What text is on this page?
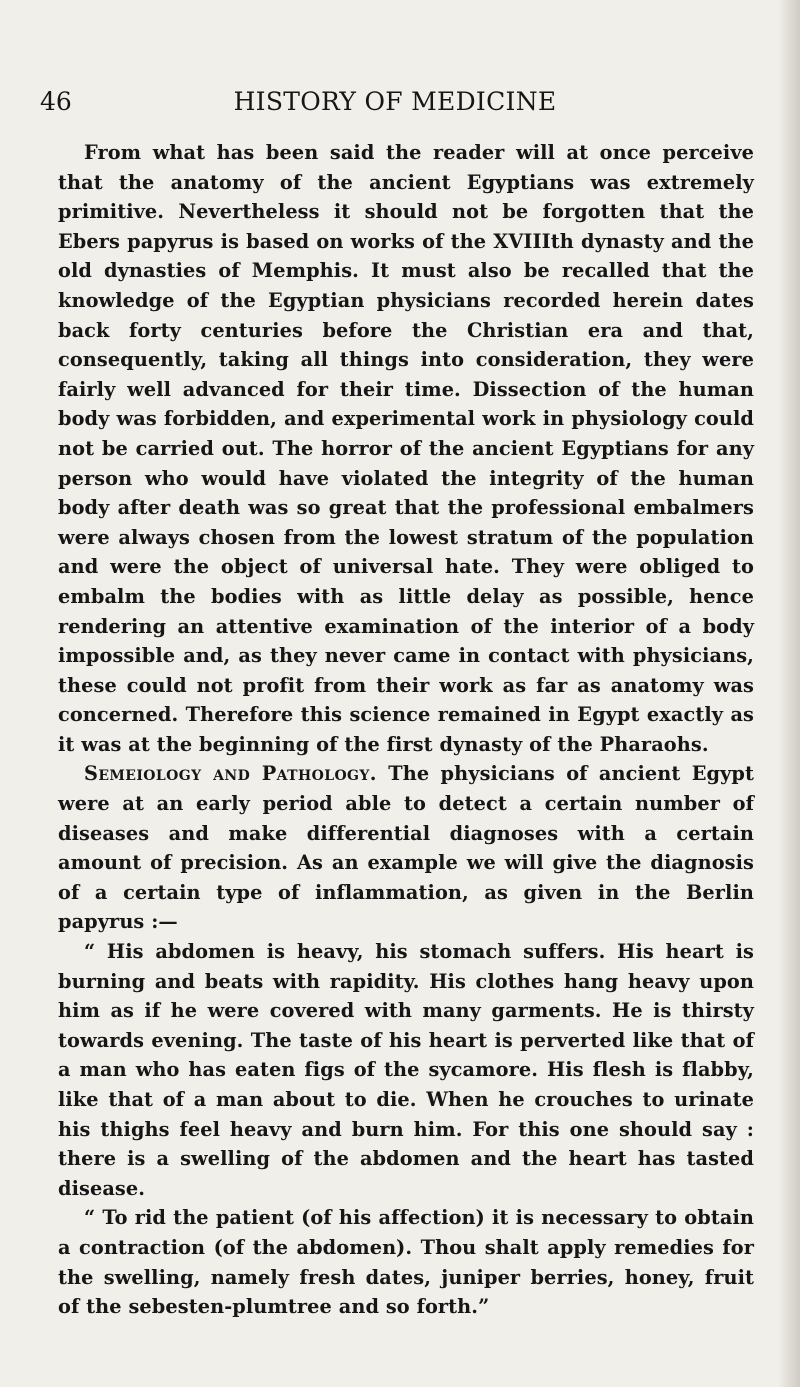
46	HISTORY OF MEDICINE

From what has been said the reader will at once perceive that the anatomy of the ancient Egyptians was extremely primitive. Nevertheless it should not be forgotten that the Ebers papyrus is based on works of the XVIIIth dynasty and the old dynasties of Memphis. It must also be recalled that the knowledge of the Egyptian physicians recorded herein dates back forty centuries before the Christian era and that, consequently, taking all things into consideration, they were fairly well advanced for their time. Dissection of the human body was forbidden, and experimental work in physiology could not be carried out. The horror of the ancient Egyptians for any person who would have violated the integrity of the human body after death was so great that the professional embalmers were always chosen from the lowest stratum of the population and were the object of universal hate. They were obliged to embalm the bodies with as little delay as possible, hence rendering an attentive examination of the interior of a body impossible and, as they never came in contact with physicians, these could not profit from their work as far as anatomy was concerned. Therefore this science remained in Egypt exactly as it was at the beginning of the first dynasty of the Pharaohs.

Semeiology and Pathology. The physicians of ancient Egypt were at an early period able to detect a certain number of diseases and make differential diagnoses with a certain amount of precision. As an example we will give the diagnosis of a certain type of inflammation, as given in the Berlin papyrus :—

“ His abdomen is heavy, his stomach suffers. His heart is burning and beats with rapidity. His clothes hang heavy upon him as if he were covered with many garments. He is thirsty towards evening. The taste of his heart is perverted like that of a man who has eaten figs of the sycamore. His flesh is flabby, like that of a man about to die. When he crouches to urinate his thighs feel heavy and burn him. For this one should say : there is a swelling of the abdomen and the heart has tasted disease.

“ To rid the patient (of his affection) it is necessary to obtain a contraction (of the abdomen). Thou shalt apply remedies for the swelling, namely fresh dates, juniper berries, honey, fruit of the sebesten-plumtree and so forth.”
